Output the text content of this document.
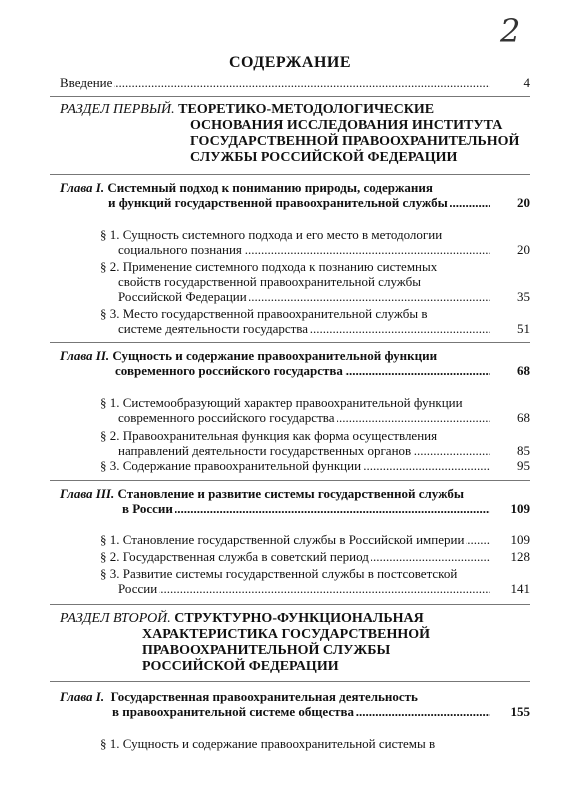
2
СОДЕРЖАНИЕ
Введение .....	4
РАЗДЕЛ ПЕРВЫЙ. ТЕОРЕТИКО-МЕТОДОЛОГИЧЕСКИЕ
ОСНОВАНИЯ ИССЛЕДОВАНИЯ ИНСТИТУТА
ГОСУДАРСТВЕННОЙ ПРАВООХРАНИТЕЛЬНОЙ
СЛУЖБЫ РОССИЙСКОЙ ФЕДЕРАЦИИ
Глава I. Системный подход к пониманию природы, содержания
и функций государственной правоохранительной службы .....	20
§ 1. Сущность системного подхода и его место в методологии
социального познания .....	20
§ 2. Применение системного подхода к познанию системных
свойств государственной правоохранительной службы
Российской Федерации .....	35
§ 3. Место государственной правоохранительной службы в
системе деятельности государства .....	51
Глава II. Сущность и содержание правоохранительной функции
современного российского государства .....	68
§ 1. Системообразующий характер правоохранительной функции
современного российского государства .....	68
§ 2. Правоохранительная функция как форма осуществления
направлений деятельности государственных органов .....	85
§ 3. Содержание правоохранительной функции .....	95
Глава III. Становление и развитие системы государственной службы
в России .....	109
§ 1. Становление государственной службы в Российской империи .....	109
§ 2. Государственная служба в советский период .....	128
§ 3. Развитие системы государственной службы в постсоветской
России .....	141
РАЗДЕЛ ВТОРОЙ. СТРУКТУРНО-ФУНКЦИОНАЛЬНАЯ
ХАРАКТЕРИСТИКА ГОСУДАРСТВЕННОЙ
ПРАВООХРАНИТЕЛЬНОЙ СЛУЖБЫ
РОССИЙСКОЙ ФЕДЕРАЦИИ
Глава I. Государственная правоохранительная деятельность
в правоохранительной системе общества .....	155
§ 1. Сущность и содержание правоохранительной системы в
